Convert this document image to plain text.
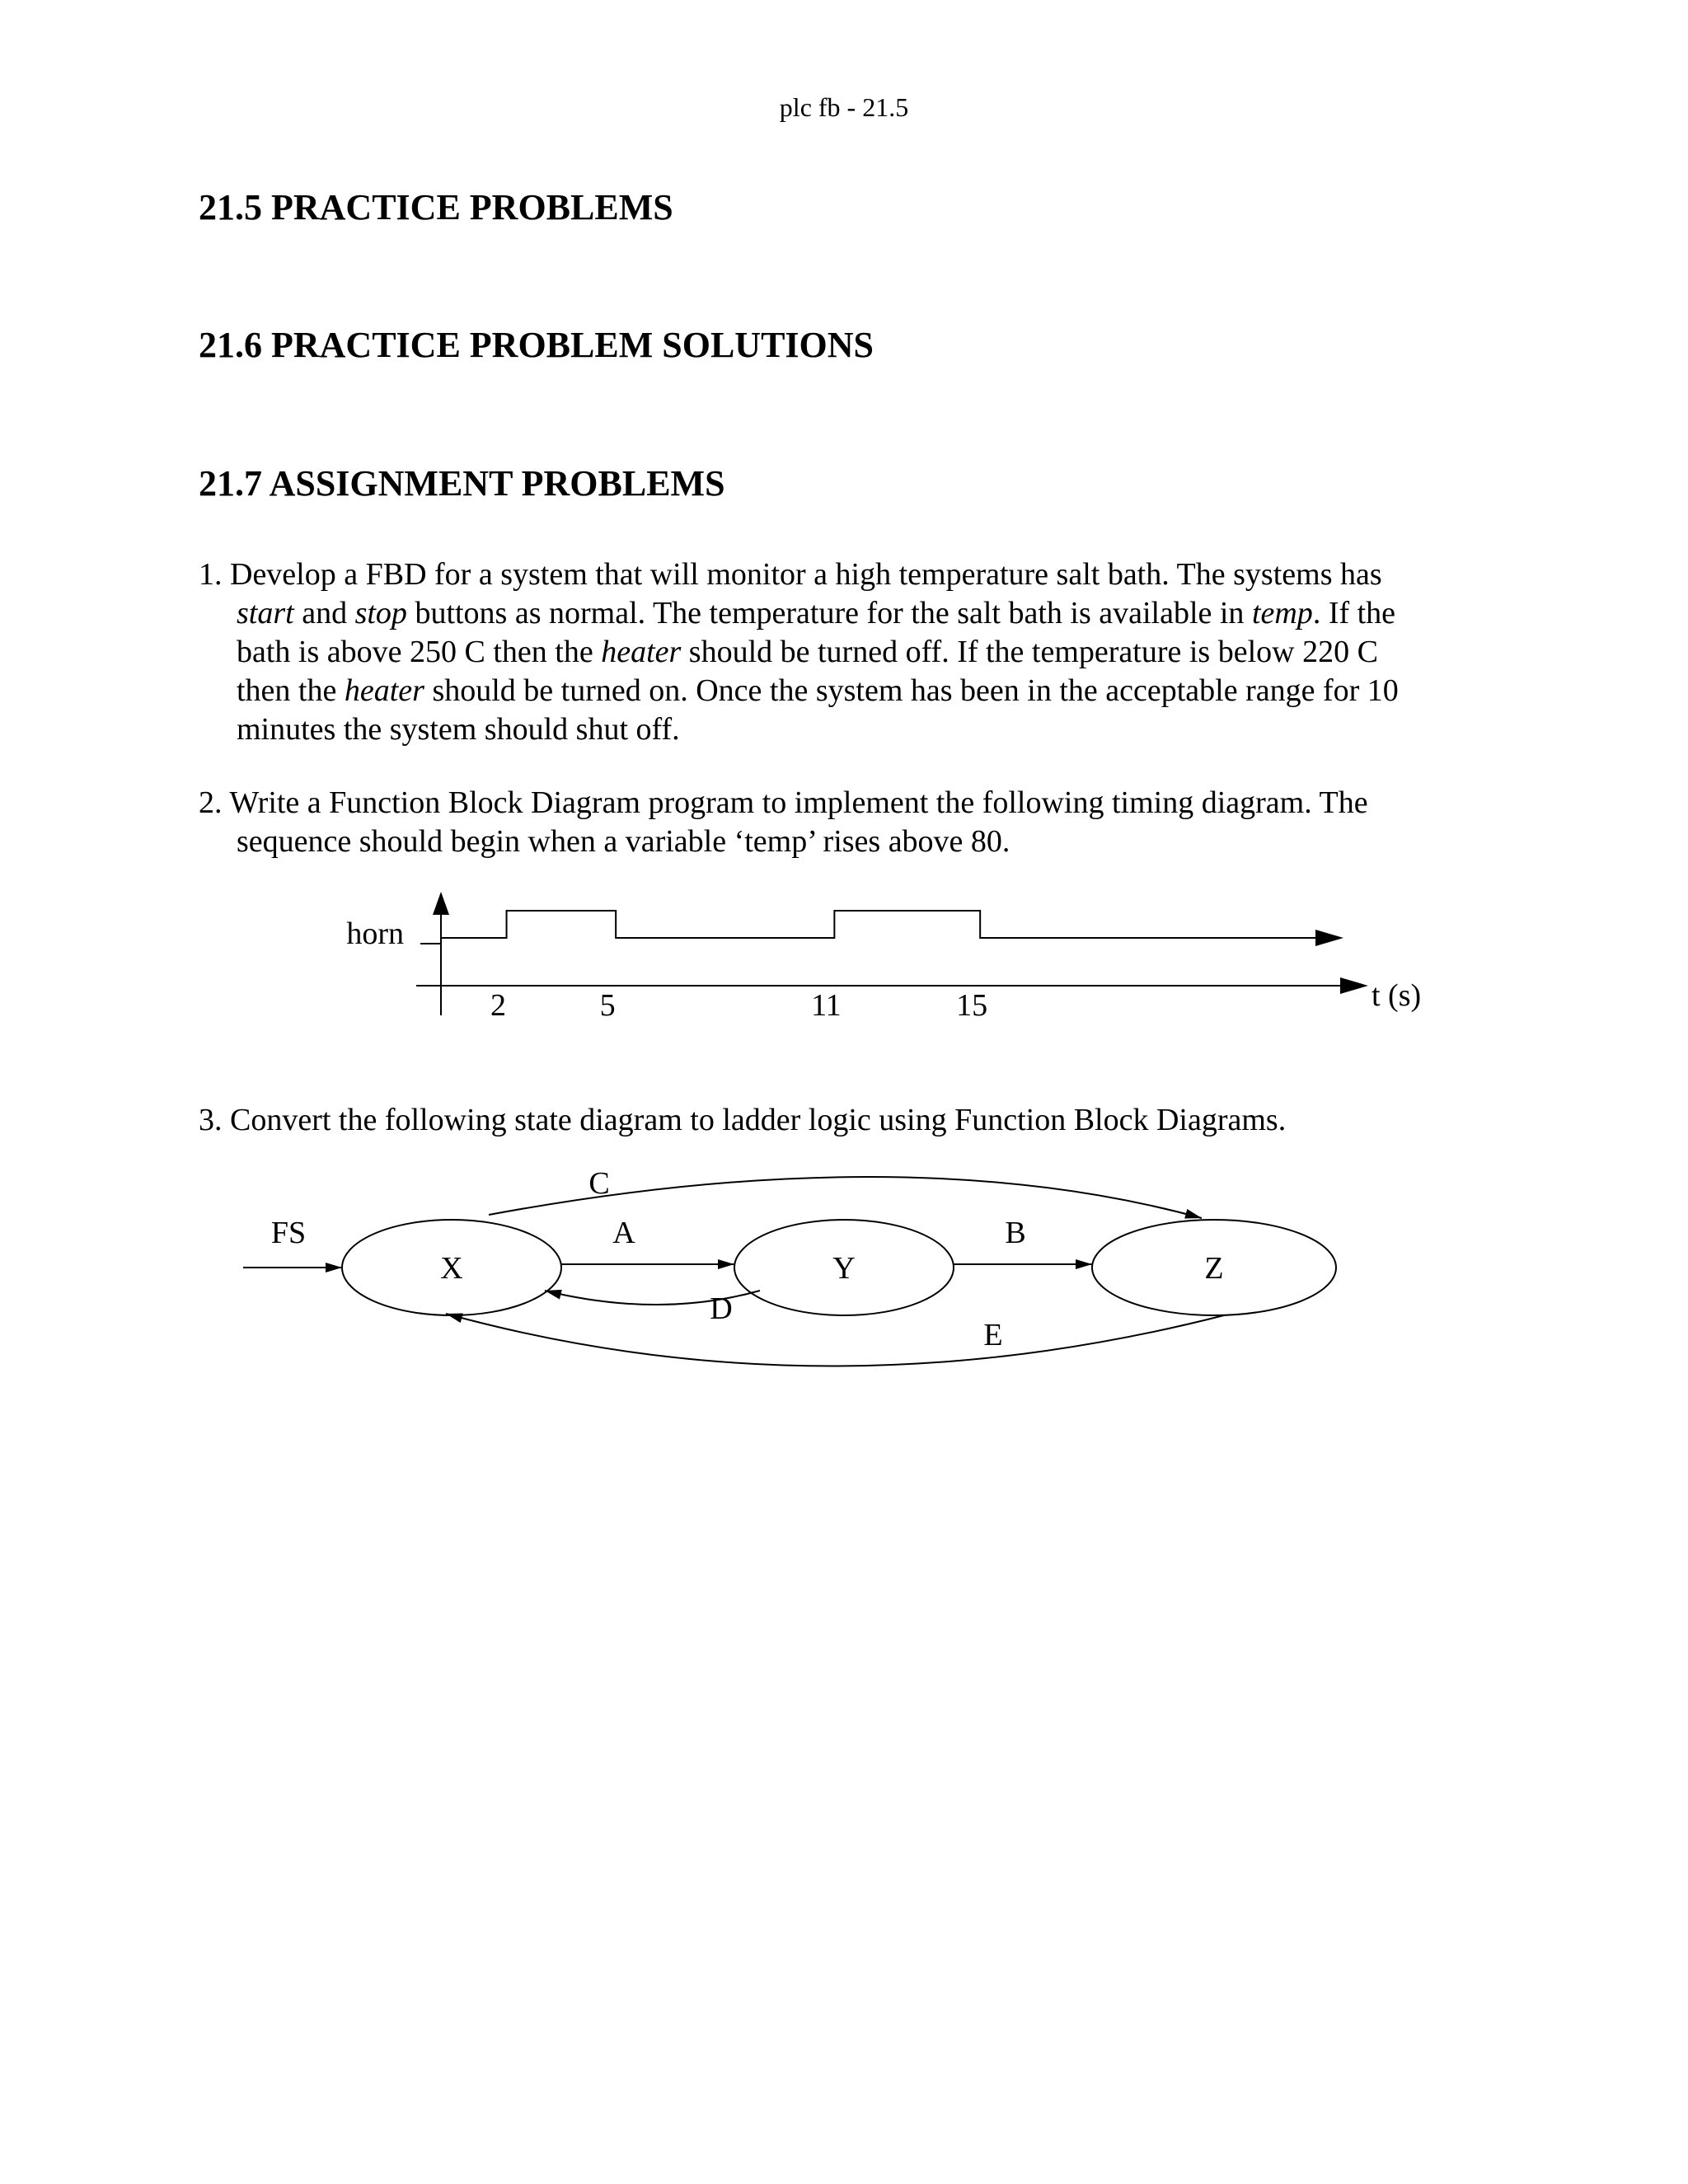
plc fb - 21.5
21.5 PRACTICE PROBLEMS
21.6 PRACTICE PROBLEM SOLUTIONS
21.7 ASSIGNMENT PROBLEMS
1. Develop a FBD for a system that will monitor a high temperature salt bath. The systems has
start and stop buttons as normal. The temperature for the salt bath is available in temp. If the
bath is above 250 C then the heater should be turned off. If the temperature is below 220 C
then the heater should be turned on. Once the system has been in the acceptable range for 10
minutes the system should shut off.
2. Write a Function Block Diagram program to implement the following timing diagram. The
sequence should begin when a variable ‘temp’ rises above 80.
horn
t (s)
2	5	11	15
3. Convert the following state diagram to ladder logic using Function Block Diagrams.
X	Y	Z
FS	A	B
C
D
E
